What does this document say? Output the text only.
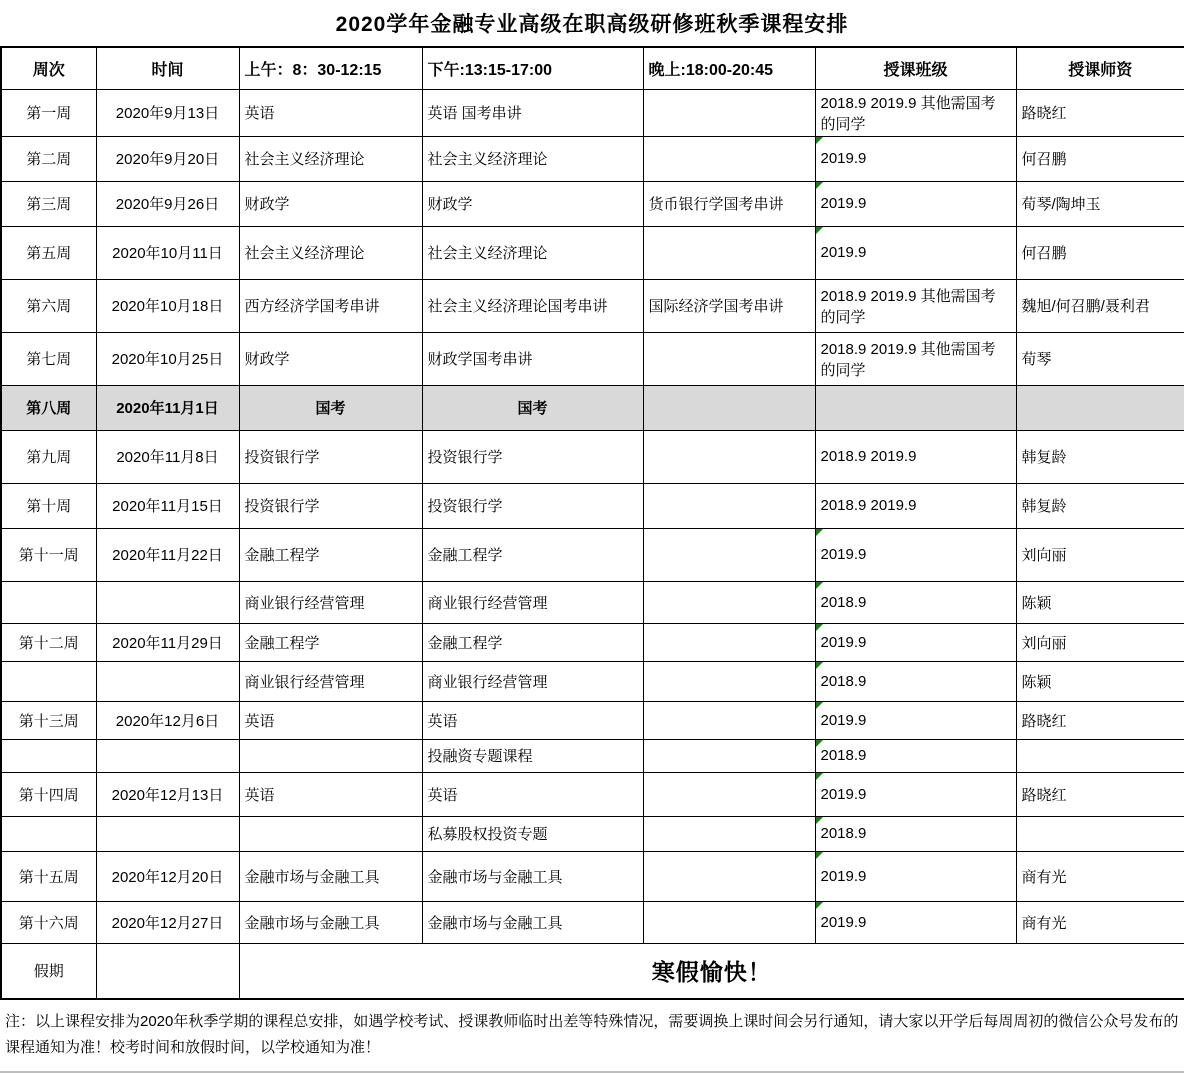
2020学年金融专业高级在职高级研修班秋季课程安排
周次	时间	上午：8：30-12:15	下午:13:15-17:00	晚上:18:00-20:45	授课班级	授课师资
第一周	2020年9月13日	英语	英语 国考串讲		2018.9 2019.9 其他需国考的同学	路晓红
第二周	2020年9月20日	社会主义经济理论	社会主义经济理论		2019.9	何召鹏
第三周	2020年9月26日	财政学	财政学	货币银行学国考串讲	2019.9	荀琴/陶坤玉
第五周	2020年10月11日	社会主义经济理论	社会主义经济理论		2019.9	何召鹏
第六周	2020年10月18日	西方经济学国考串讲	社会主义经济理论国考串讲	国际经济学国考串讲	2018.9 2019.9 其他需国考的同学	魏旭/何召鹏/聂利君
第七周	2020年10月25日	财政学	财政学国考串讲		2018.9 2019.9 其他需国考的同学	荀琴
第八周	2020年11月1日	国考	国考			
第九周	2020年11月8日	投资银行学	投资银行学		2018.9 2019.9	韩复龄
第十周	2020年11月15日	投资银行学	投资银行学		2018.9 2019.9	韩复龄
第十一周	2020年11月22日	金融工程学	金融工程学		2019.9	刘向丽
		商业银行经营管理	商业银行经营管理		2018.9	陈颖
第十二周	2020年11月29日	金融工程学	金融工程学		2019.9	刘向丽
		商业银行经营管理	商业银行经营管理		2018.9	陈颖
第十三周	2020年12月6日	英语	英语		2019.9	路晓红
			投融资专题课程		2018.9

第十四周	2020年12月13日	英语	英语		2019.9	路晓红
			私募股权投资专题		2018.9

第十五周	2020年12月20日	金融市场与金融工具	金融市场与金融工具		2019.9	商有光
第十六周	2020年12月27日	金融市场与金融工具	金融市场与金融工具		2019.9	商有光
假期		寒假愉快！				
注：以上课程安排为2020年秋季学期的课程总安排，如遇学校考试、授课教师临时出差等特殊情况，需要调换上课时间会另行通知，请大家以开学后每周周初的微信公众号发布的课程通知为准！校考时间和放假时间，以学校通知为准！
